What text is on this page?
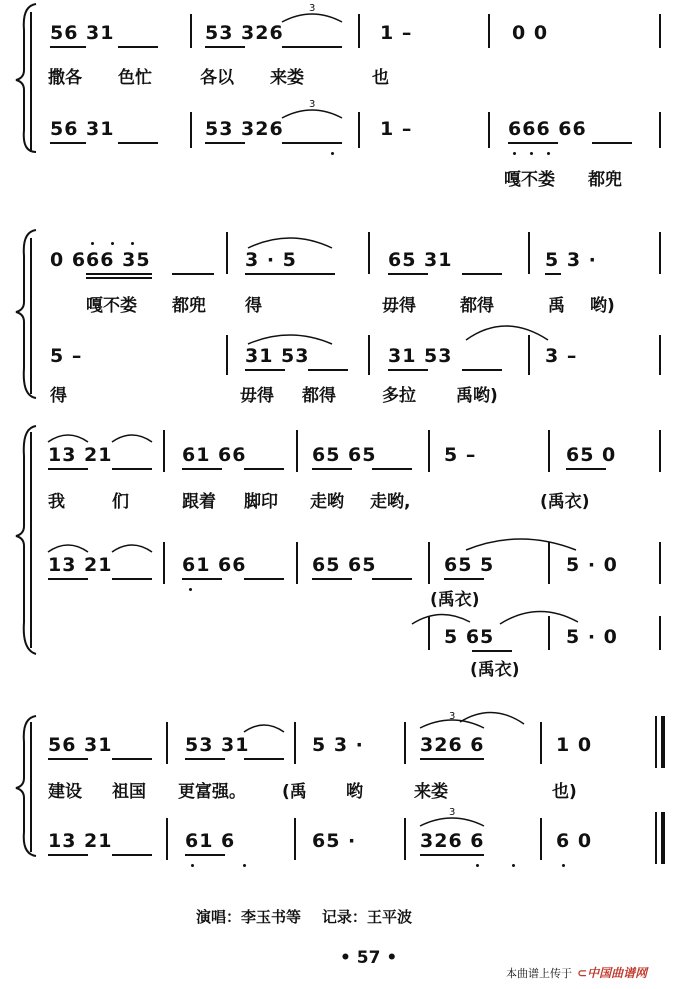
56 31	53 326	1 –	0 0
3
撒各 色忙	各以 来娄	也
56 31	53 326	1 –	666 66
3
嘎不娄 都兜
0 666 35	3 · 5	65 31	5 3 ·
嘎不娄 都兜 得	毋得	都得	禹 哟)
5 –	31 53	31 53	3 –
得	毋得 都得	多拉 禹哟)
13 21	61 66	65 65	5 –	65 0
我	们	跟着 脚印 走哟 走哟,	(禹衣)
13 21	61 66	65 65	65 5	5 · 0
(禹衣)
5 65	5 · 0
(禹衣)
56 31	53 31	5 3 ·	326 6	1 0
3
建设 祖国 更富强。 (禹 哟	来娄	也)
13 21	61 6	65 ·	326 6	6 0
3
演唱：李玉书等 记录：王平波
• 57 •
本曲谱上传于 ⊂中国曲谱网
